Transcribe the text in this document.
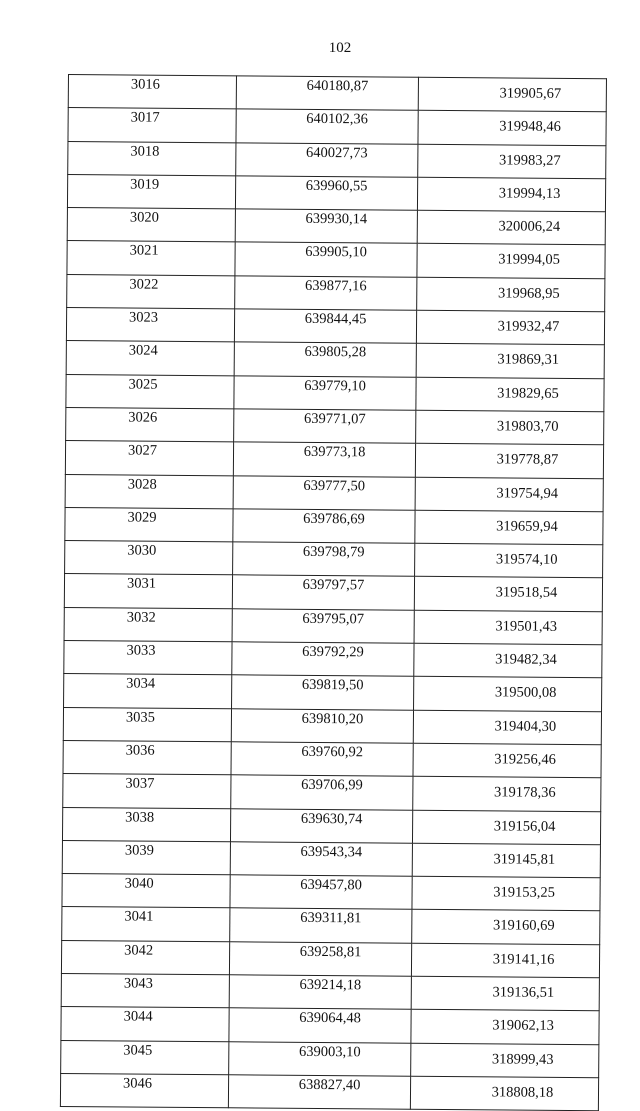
102
3016	640180,87	319905,67
3017	640102,36	319948,46
3018	640027,73	319983,27
3019	639960,55	319994,13
3020	639930,14	320006,24
3021	639905,10	319994,05
3022	639877,16	319968,95
3023	639844,45	319932,47
3024	639805,28	319869,31
3025	639779,10	319829,65
3026	639771,07	319803,70
3027	639773,18	319778,87
3028	639777,50	319754,94
3029	639786,69	319659,94
3030	639798,79	319574,10
3031	639797,57	319518,54
3032	639795,07	319501,43
3033	639792,29	319482,34
3034	639819,50	319500,08
3035	639810,20	319404,30
3036	639760,92	319256,46
3037	639706,99	319178,36
3038	639630,74	319156,04
3039	639543,34	319145,81
3040	639457,80	319153,25
3041	639311,81	319160,69
3042	639258,81	319141,16
3043	639214,18	319136,51
3044	639064,48	319062,13
3045	639003,10	318999,43
3046	638827,40	318808,18
